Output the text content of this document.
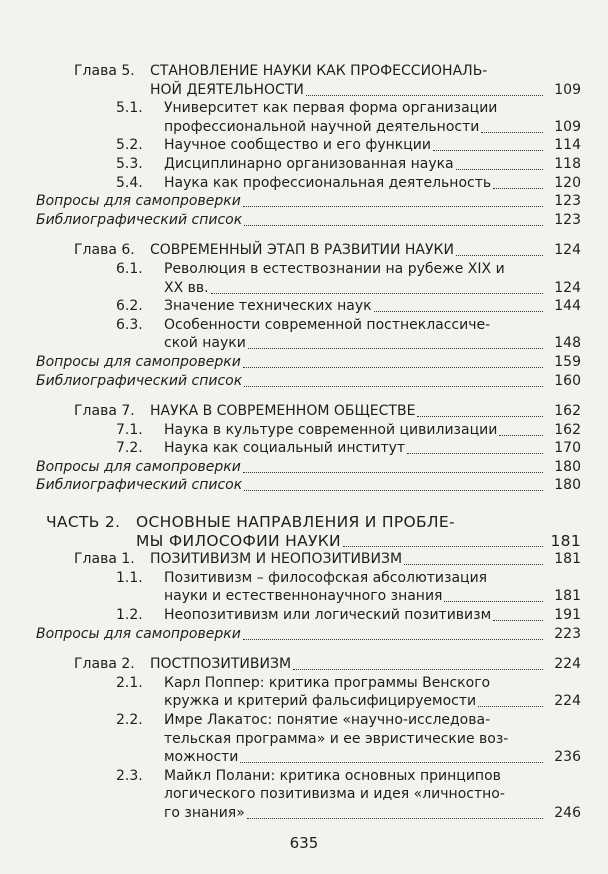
Глава 5. СТАНОВЛЕНИЕ НАУКИ КАК ПРОФЕССИОНАЛЬ-
НОЙ ДЕЯТЕЛЬНОСТИ	109
5.1. Университет как первая форма организации
профессиональной научной деятельности	109
5.2. Научное сообщество и его функции	114
5.3. Дисциплинарно организованная наука	118
5.4. Наука как профессиональная деятельность	120
Вопросы для самопроверки	123
Библиографический список	123
Глава 6. СОВРЕМЕННЫЙ ЭТАП В РАЗВИТИИ НАУКИ	124
6.1. Революция в естествознании на рубеже XIX и
XX вв.	124
6.2. Значение технических наук	144
6.3. Особенности современной постнеклассиче-
ской науки	148
Вопросы для самопроверки	159
Библиографический список	160
Глава 7. НАУКА В СОВРЕМЕННОМ ОБЩЕСТВЕ	162
7.1. Наука в культуре современной цивилизации	162
7.2. Наука как социальный институт	170
Вопросы для самопроверки	180
Библиографический список	180
ЧАСТЬ 2. ОСНОВНЫЕ НАПРАВЛЕНИЯ И ПРОБЛЕ-
МЫ ФИЛОСОФИИ НАУКИ	181
Глава 1. ПОЗИТИВИЗМ И НЕОПОЗИТИВИЗМ	181
1.1. Позитивизм – философская абсолютизация
науки и естественнонаучного знания	181
1.2. Неопозитивизм или логический позитивизм	191
Вопросы для самопроверки	223
Глава 2. ПОСТПОЗИТИВИЗМ	224
2.1. Карл Поппер: критика программы Венского
кружка и критерий фальсифицируемости	224
2.2. Имре Лакатос: понятие «научно-исследова-
тельская программа» и ее эвристические воз-
можности	236
2.3. Майкл Полани: критика основных принципов
логического позитивизма и идея «личностно-
го знания»	246
635
